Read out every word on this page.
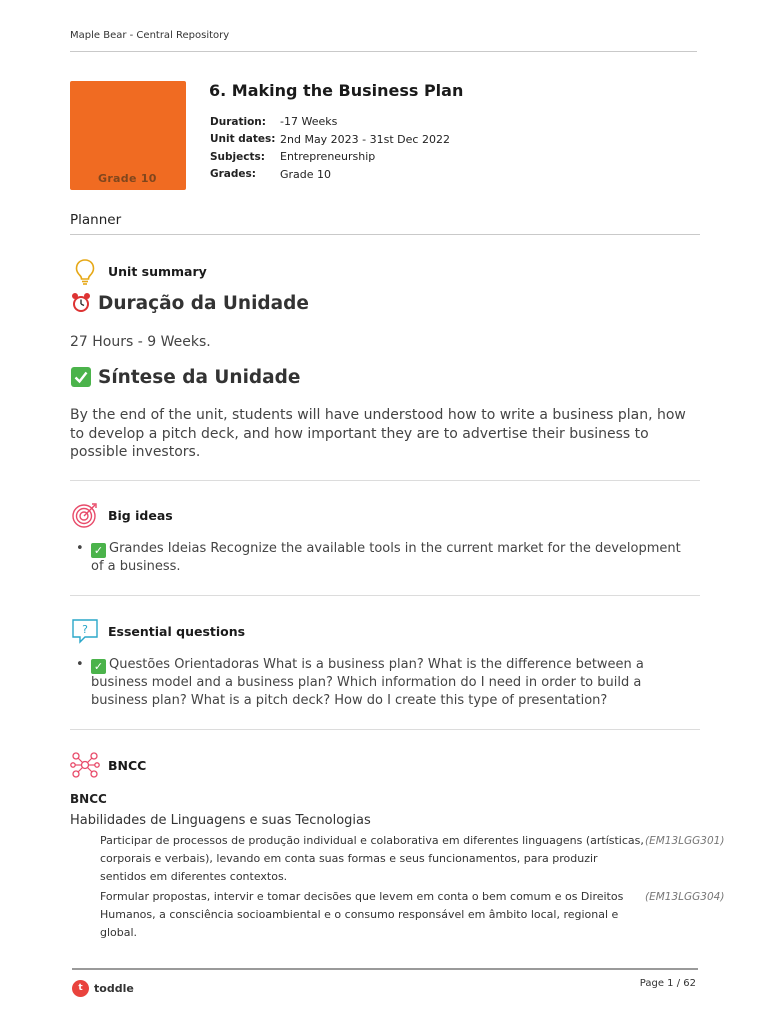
Maple Bear - Central Repository
Grade 10
6. Making the Business Plan
Duration:	-17 Weeks
Unit dates: 2nd May 2023 - 31st Dec 2022
Subjects:	Entrepreneurship
Grades:	Grade 10
Planner
Unit summary
Duração da Unidade
27 Hours - 9 Weeks.
Síntese da Unidade
By the end of the unit, students will have understood how to write a business plan, how to develop a pitch deck, and how important they are to advertise their business to possible investors.
Big ideas
• ✓ Grandes Ideias Recognize the available tools in the current market for the development of a business.
? Essential questions
• ✓ Questões Orientadoras What is a business plan? What is the difference between a business model and a business plan? Which information do I need in order to build a business plan? What is a pitch deck? How do I create this type of presentation?
BNCC
BNCC
Habilidades de Linguagens e suas Tecnologias
Participar de processos de produção individual e colaborativa em diferentes linguagens (artísticas, corporais e verbais), levando em conta suas formas e seus funcionamentos, para produzir sentidos em diferentes contextos.
(EM13LGG301)
Formular propostas, intervir e tomar decisões que levem em conta o bem comum e os Direitos Humanos, a consciência socioambiental e o consumo responsável em âmbito local, regional e global.
(EM13LGG304)
t	toddle	Page 1 / 62
